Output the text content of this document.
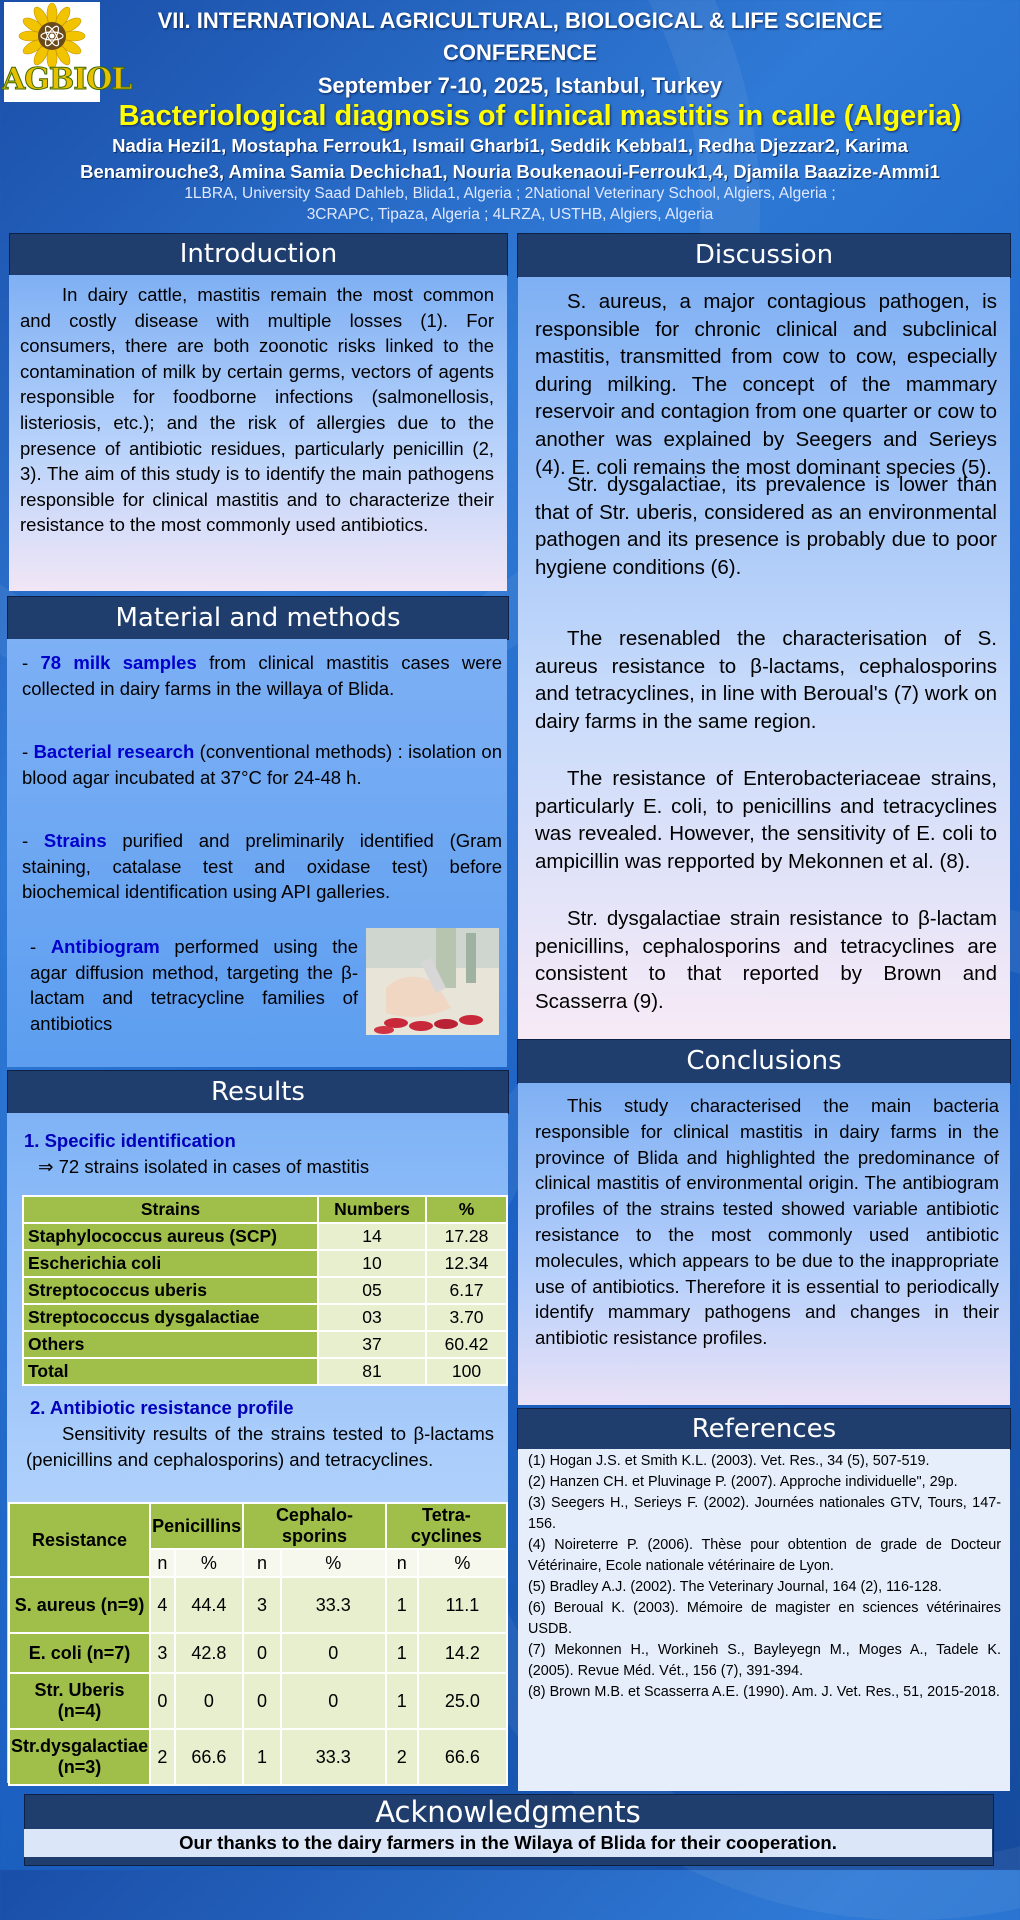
AGBIOL
VII. INTERNATIONAL AGRICULTURAL, BIOLOGICAL & LIFE SCIENCE
CONFERENCE
September 7-10, 2025, Istanbul, Turkey
Bacteriological diagnosis of clinical mastitis in calle (Algeria)
Nadia Hezil1, Mostapha Ferrouk1, Ismail Gharbi1, Seddik Kebbal1, Redha Djezzar2, Karima
Benamirouche3, Amina Samia Dechicha1, Nouria Boukenaoui-Ferrouk1,4, Djamila Baazize-Ammi1
1LBRA, University Saad Dahleb, Blida1, Algeria ; 2National Veterinary School, Algiers, Algeria ;
3CRAPC, Tipaza, Algeria ; 4LRZA, USTHB, Algiers, Algeria
Introduction
In dairy cattle, mastitis remain the most common and costly disease with multiple losses (1). For consumers, there are both zoonotic risks linked to the contamination of milk by certain germs, vectors of agents responsible for foodborne infections (salmonellosis, listeriosis, etc.); and the risk of allergies due to the presence of antibiotic residues, particularly penicillin (2, 3). The aim of this study is to identify the main pathogens responsible for clinical mastitis and to characterize their resistance to the most commonly used antibiotics.
Material and methods
- 78 milk samples from clinical mastitis cases were collected in dairy farms in the willaya of Blida.
- Bacterial research (conventional methods) : isolation on blood agar incubated at 37°C for 24-48 h.
- Strains purified and preliminarily identified (Gram staining, catalase test and oxidase test) before biochemical identification using API galleries.
- Antibiogram performed using the agar diffusion method, targeting the β-lactam and tetracycline families of antibiotics
Results
1. Specific identification
⇒ 72 strains isolated in cases of mastitis
Strains	Numbers	%
Staphylococcus aureus (SCP)	14	17.28
Escherichia coli	10	12.34
Streptococcus uberis	05	6.17
Streptococcus dysgalactiae	03	3.70
Others	37	60.42
Total	81	100
2. Antibiotic resistance profile
Sensitivity results of the strains tested to β-lactams (penicillins and cephalosporins) and tetracyclines.
Resistance	Penicillins		Cephalo-sporins		Tetra-cyclines	
	n	%	n	%	n	%
S. aureus (n=9)	4	44.4	3	33.3	1	11.1
E. coli (n=7)	3	42.8	0	0	1	14.2
Str. Uberis (n=4)	0	0	0	0	1	25.0
Str.dysgalactiae (n=3)	2	66.6	1	33.3	2	66.6
Discussion
S. aureus, a major contagious pathogen, is responsible for chronic clinical and subclinical mastitis, transmitted from cow to cow, especially during milking. The concept of the mammary reservoir and contagion from one quarter or cow to another was explained by Seegers and Serieys (4). E. coli remains the most dominant species (5).
Str. dysgalactiae, its prevalence is lower than that of Str. uberis, considered as an environmental pathogen and its presence is probably due to poor hygiene conditions (6).
The resenabled the characterisation of S. aureus resistance to β-lactams, cephalosporins and tetracyclines, in line with Beroual's (7) work on dairy farms in the same region.
The resistance of Enterobacteriaceae strains, particularly E. coli, to penicillins and tetracyclines was revealed. However, the sensitivity of E. coli to ampicillin was repported by Mekonnen et al. (8).
Str. dysgalactiae strain resistance to β-lactam penicillins, cephalosporins and tetracyclines are consistent to that reported by Brown and Scasserra (9).
Conclusions
This study characterised the main bacteria responsible for clinical mastitis in dairy farms in the province of Blida and highlighted the predominance of clinical mastitis of environmental origin. The antibiogram profiles of the strains tested showed variable antibiotic resistance to the most commonly used antibiotic molecules, which appears to be due to the inappropriate use of antibiotics. Therefore it is essential to periodically identify mammary pathogens and changes in their antibiotic resistance profiles.
References
(1) Hogan J.S. et Smith K.L. (2003). Vet. Res., 34 (5), 507-519.
(2) Hanzen CH. et Pluvinage P. (2007). Approche individuelle", 29p.
(3) Seegers H., Serieys F. (2002). Journées nationales GTV, Tours, 147-156.
(4) Noireterre P. (2006). Thèse pour obtention de grade de Docteur Vétérinaire, Ecole nationale vétérinaire de Lyon.
(5) Bradley A.J. (2002). The Veterinary Journal, 164 (2), 116-128.
(6) Beroual K. (2003). Mémoire de magister en sciences vétérinaires USDB.
(7) Mekonnen H., Workineh S., Bayleyegn M., Moges A., Tadele K. (2005). Revue Méd. Vét., 156 (7), 391-394.
(8) Brown M.B. et Scasserra A.E. (1990). Am. J. Vet. Res., 51, 2015-2018.
Acknowledgments
Our thanks to the dairy farmers in the Wilaya of Blida for their cooperation.
